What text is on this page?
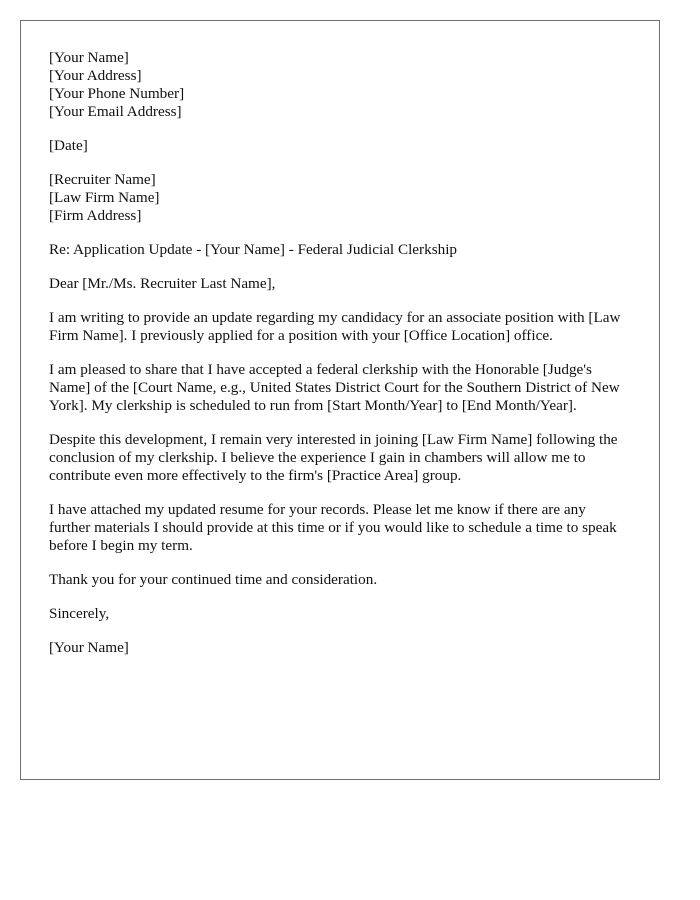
[Your Name]
[Your Address]
[Your Phone Number]
[Your Email Address]
[Date]
[Recruiter Name]
[Law Firm Name]
[Firm Address]
Re: Application Update - [Your Name] - Federal Judicial Clerkship
Dear [Mr./Ms. Recruiter Last Name],

I am writing to provide an update regarding my candidacy for an associate position with [Law Firm Name]. I previously applied for a position with your [Office Location] office.

I am pleased to share that I have accepted a federal clerkship with the Honorable [Judge's Name] of the [Court Name, e.g., United States District Court for the Southern District of New York]. My clerkship is scheduled to run from [Start Month/Year] to [End Month/Year].

Despite this development, I remain very interested in joining [Law Firm Name] following the conclusion of my clerkship. I believe the experience I gain in chambers will allow me to contribute even more effectively to the firm's [Practice Area] group.

I have attached my updated resume for your records. Please let me know if there are any further materials I should provide at this time or if you would like to schedule a time to speak before I begin my term.

Thank you for your continued time and consideration.

Sincerely,
[Your Name]
